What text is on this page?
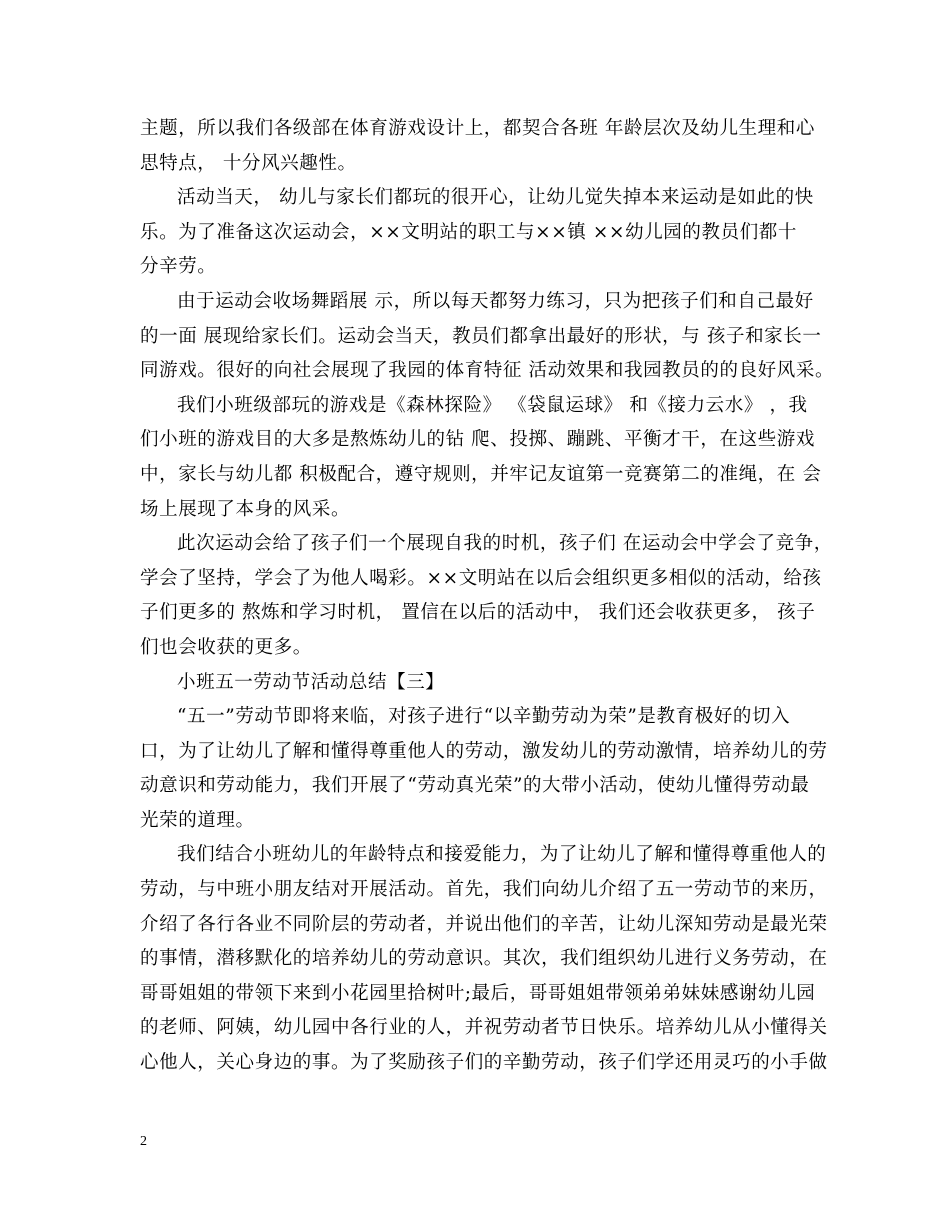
主题，所以我们各级部在体育游戏设计上，都契合各班 年龄层次及幼儿生理和心
思特点， 十分风兴趣性。
活动当天， 幼儿与家长们都玩的很开心，让幼儿觉失掉本来运动是如此的快
乐。为了准备这次运动会，××文明站的职工与××镇 ××幼儿园的教员们都十
分辛劳。
由于运动会收场舞蹈展 示，所以每天都努力练习，只为把孩子们和自己最好
的一面 展现给家长们。运动会当天，教员们都拿出最好的形状，与 孩子和家长一
同游戏。很好的向社会展现了我园的体育特征 活动效果和我园教员的的良好风采。
我们小班级部玩的游戏是《森林探险》 《袋鼠运球》 和《接力云水》 ，我
们小班的游戏目的大多是熬炼幼儿的钻 爬、投掷、蹦跳、平衡才干，在这些游戏
中，家长与幼儿都 积极配合，遵守规则，并牢记友谊第一竞赛第二的准绳，在 会
场上展现了本身的风采。
此次运动会给了孩子们一个展现自我的时机，孩子们 在运动会中学会了竞争，
学会了坚持，学会了为他人喝彩。××文明站在以后会组织更多相似的活动，给孩
子们更多的 熬炼和学习时机， 置信在以后的活动中， 我们还会收获更多， 孩子
们也会收获的更多。
小班五一劳动节活动总结【三】
“五一”劳动节即将来临，对孩子进行“以辛勤劳动为荣”是教育极好的切入
口，为了让幼儿了解和懂得尊重他人的劳动，激发幼儿的劳动激情，培养幼儿的劳
动意识和劳动能力，我们开展了“劳动真光荣”的大带小活动，使幼儿懂得劳动最
光荣的道理。
我们结合小班幼儿的年龄特点和接爱能力，为了让幼儿了解和懂得尊重他人的
劳动，与中班小朋友结对开展活动。首先，我们向幼儿介绍了五一劳动节的来历，
介绍了各行各业不同阶层的劳动者，并说出他们的辛苦，让幼儿深知劳动是最光荣
的事情，潜移默化的培养幼儿的劳动意识。其次，我们组织幼儿进行义务劳动，在
哥哥姐姐的带领下来到小花园里拾树叶;最后，哥哥姐姐带领弟弟妹妹感谢幼儿园
的老师、阿姨，幼儿园中各行业的人，并祝劳动者节日快乐。培养幼儿从小懂得关
心他人，关心身边的事。为了奖励孩子们的辛勤劳动，孩子们学还用灵巧的小手做
2
